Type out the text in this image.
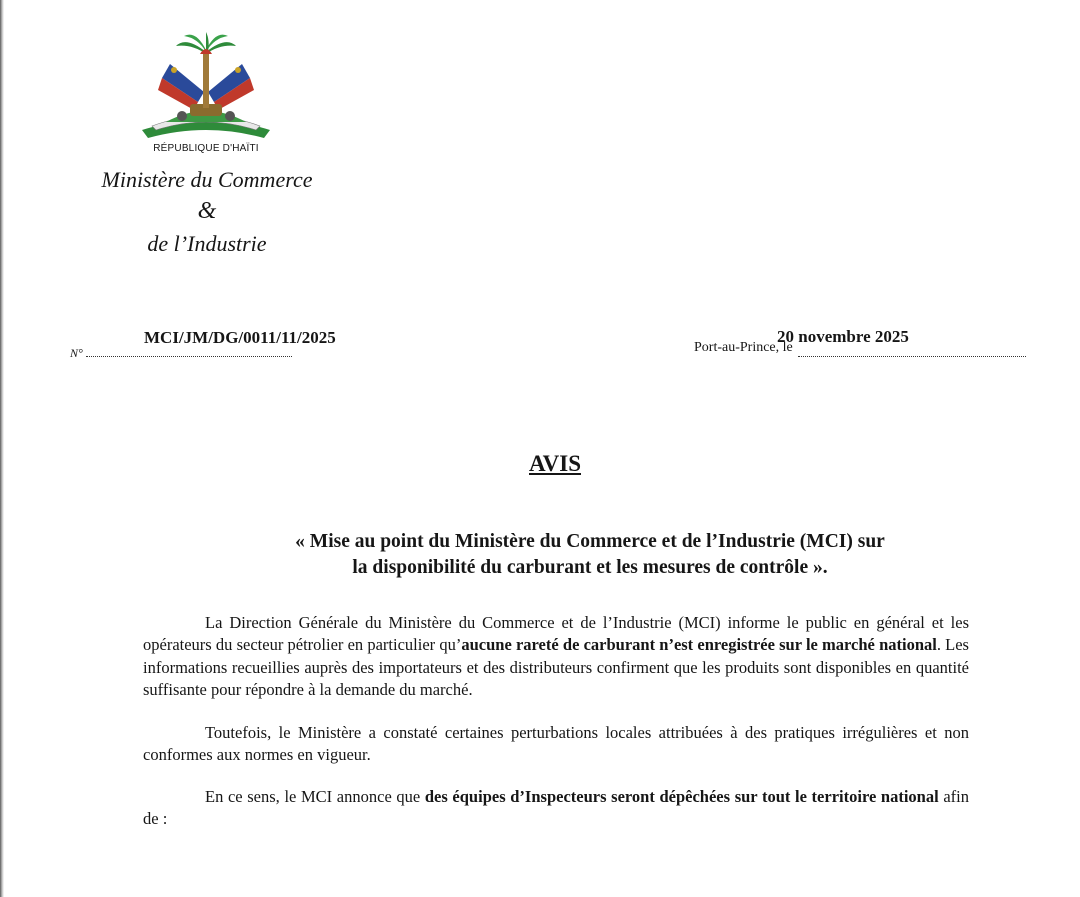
RÉPUBLIQUE D'HAÏTI
Ministère du Commerce
&
de l’Industrie
N°
MCI/JM/DG/0011/11/2025
Port-au-Prince, le
20 novembre 2025
AVIS
« Mise au point du Ministère du Commerce et de l’Industrie (MCI) sur
la disponibilité du carburant et les mesures de contrôle ».

La Direction Générale du Ministère du Commerce et de l’Industrie (MCI) informe le public en général et les opérateurs du secteur pétrolier en particulier qu’aucune rareté de carburant n’est enregistrée sur le marché national. Les informations recueillies auprès des importateurs et des distributeurs confirment que les produits sont disponibles en quantité suffisante pour répondre à la demande du marché.

Toutefois, le Ministère a constaté certaines perturbations locales attribuées à des pratiques irrégulières et non conformes aux normes en vigueur.

En ce sens, le MCI annonce que des équipes d’Inspecteurs seront dépêchées sur tout le territoire national afin de :
